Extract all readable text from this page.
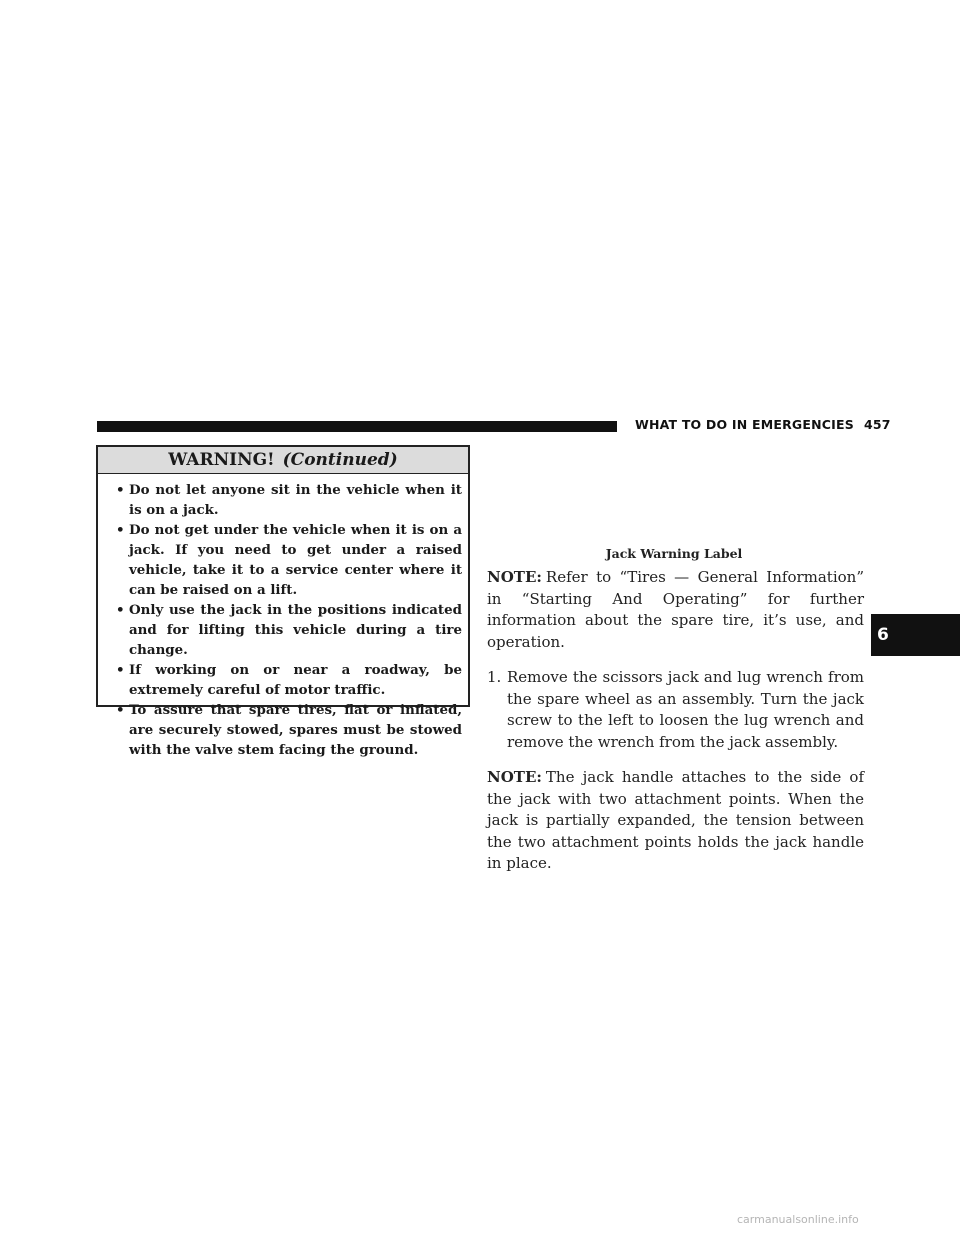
WHAT TO DO IN EMERGENCIES 457
WARNING! (Continued)
• Do not let anyone sit in the vehicle when it is on a jack.
• Do not get under the vehicle when it is on a jack. If you need to get under a raised vehicle, take it to a service center where it can be raised on a lift.
• Only use the jack in the positions indicated and for lifting this vehicle during a tire change.
• If working on or near a roadway, be extremely careful of motor traffic.
• To assure that spare tires, flat or inflated, are securely stowed, spares must be stowed with the valve stem facing the ground.
Jack Warning Label

NOTE: Refer to “Tires — General Information” in “Starting And Operating” for further information about the spare tire, it’s use, and operation.

1. Remove the scissors jack and lug wrench from the spare wheel as an assembly. Turn the jack screw to the left to loosen the lug wrench and remove the wrench from the jack assembly.

NOTE: The jack handle attaches to the side of the jack with two attachment points. When the jack is partially expanded, the tension between the two attachment points holds the jack handle in place.

6
carmanualsonline.info
